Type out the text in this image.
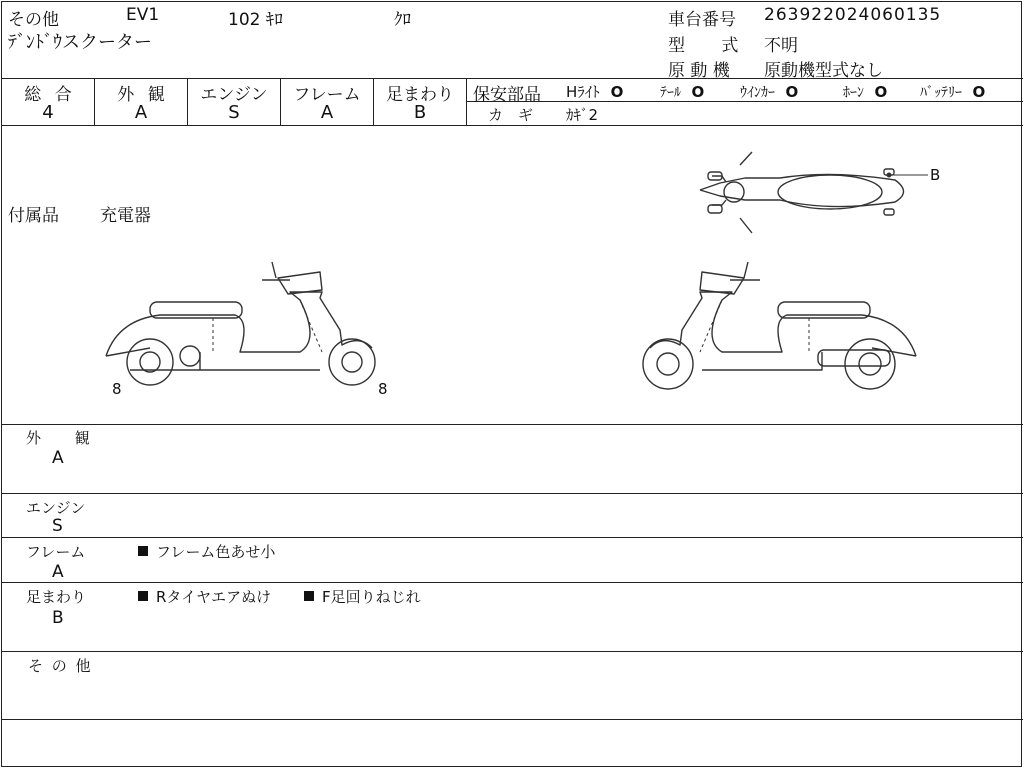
その他	EV1	102 ｷﾛ	ｸﾛ
ﾃﾞﾝﾄﾞｳスクーター
車台番号 263922024060135
型　 式 不明
原 動 機 原動機型式なし
総 合
4
外 観
A
エンジン
S
フレーム
A
足まわり
B
保安部品 Hﾗｲﾄ O	ﾃｰﾙ O	ｳｲﾝｶｰ O	ﾎｰﾝ O ﾊﾞｯﾃﾘｰ O
カ　ギ ｶｷﾞ2
付属品 充電器
B
8	8
外　 観
A
エンジン
S
フレーム
A
フレーム色あせ小
足まわり
B
Rタイヤエアぬけ	F足回りねじれ
そ の 他
